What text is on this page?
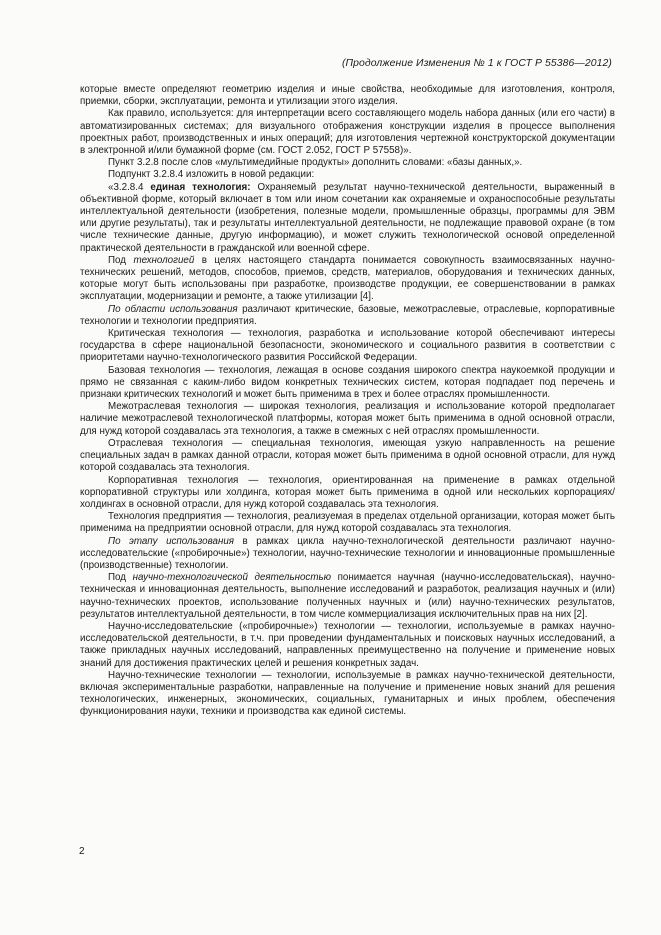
(Продолжение Изменения № 1 к ГОСТ Р 55386—2012)

которые вместе определяют геометрию изделия и иные свойства, необходимые для изготовления, контроля, приемки, сборки, эксплуатации, ремонта и утилизации этого изделия.

Как правило, используется: для интерпретации всего составляющего модель набора данных (или его части) в автоматизированных системах; для визуального отображения конструкции изделия в процессе выполнения проектных работ, производственных и иных операций; для изготовления чертежной конструкторской документации в электронной и/или бумажной форме (см. ГОСТ 2.052, ГОСТ Р 57558)».

Пункт 3.2.8 после слов «мультимедийные продукты» дополнить словами: «базы данных,».

Подпункт 3.2.8.4 изложить в новой редакции:

«3.2.8.4 единая технология: Охраняемый результат научно-технической деятельности, выраженный в объективной форме, который включает в том или ином сочетании как охраняемые и охраноспособные результаты интеллектуальной деятельности (изобретения, полезные модели, промышленные образцы, программы для ЭВМ или другие результаты), так и результаты интеллектуальной деятельности, не подлежащие правовой охране (в том числе технические данные, другую информацию), и может служить технологической основой определенной практической деятельности в гражданской или военной сфере.

Под технологией в целях настоящего стандарта понимается совокупность взаимосвязанных научно-технических решений, методов, способов, приемов, средств, материалов, оборудования и технических данных, которые могут быть использованы при разработке, производстве продукции, ее совершенствовании в рамках эксплуатации, модернизации и ремонте, а также утилизации [4].

По области использования различают критические, базовые, межотраслевые, отраслевые, корпоративные технологии и технологии предприятия.

Критическая технология — технология, разработка и использование которой обеспечивают интересы государства в сфере национальной безопасности, экономического и социального развития в соответствии с приоритетами научно-технологического развития Российской Федерации.

Базовая технология — технология, лежащая в основе создания широкого спектра наукоемкой продукции и прямо не связанная с каким-либо видом конкретных технических систем, которая подпадает под перечень и признаки критических технологий и может быть применима в трех и более отраслях промышленности.

Межотраслевая технология — широкая технология, реализация и использование которой предполагает наличие межотраслевой технологической платформы, которая может быть применима в одной основной отрасли, для нужд которой создавалась эта технология, а также в смежных с ней отраслях промышленности.

Отраслевая технология — специальная технология, имеющая узкую направленность на решение специальных задач в рамках данной отрасли, которая может быть применима в одной основной отрасли, для нужд которой создавалась эта технология.

Корпоративная технология — технология, ориентированная на применение в рамках отдельной корпоративной структуры или холдинга, которая может быть применима в одной или нескольких корпорациях/холдингах в основной отрасли, для нужд которой создавалась эта технология.

Технология предприятия — технология, реализуемая в пределах отдельной организации, которая может быть применима на предприятии основной отрасли, для нужд которой создавалась эта технология.

По этапу использования в рамках цикла научно-технологической деятельности различают научно-исследовательские («пробирочные») технологии, научно-технические технологии и инновационные промышленные (производственные) технологии.

Под научно-технологической деятельностью понимается научная (научно-исследовательская), научно-техническая и инновационная деятельность, выполнение исследований и разработок, реализация научных и (или) научно-технических проектов, использование полученных научных и (или) научно-технических результатов, результатов интеллектуальной деятельности, в том числе коммерциализация исключительных прав на них [2].

Научно-исследовательские («пробирочные») технологии — технологии, используемые в рамках научно-исследовательской деятельности, в т.ч. при проведении фундаментальных и поисковых научных исследований, а также прикладных научных исследований, направленных преимущественно на получение и применение новых знаний для достижения практических целей и решения конкретных задач.

Научно-технические технологии — технологии, используемые в рамках научно-технической деятельности, включая экспериментальные разработки, направленные на получение и применение новых знаний для решения технологических, инженерных, экономических, социальных, гуманитарных и иных проблем, обеспечения функционирования науки, техники и производства как единой системы.

2
